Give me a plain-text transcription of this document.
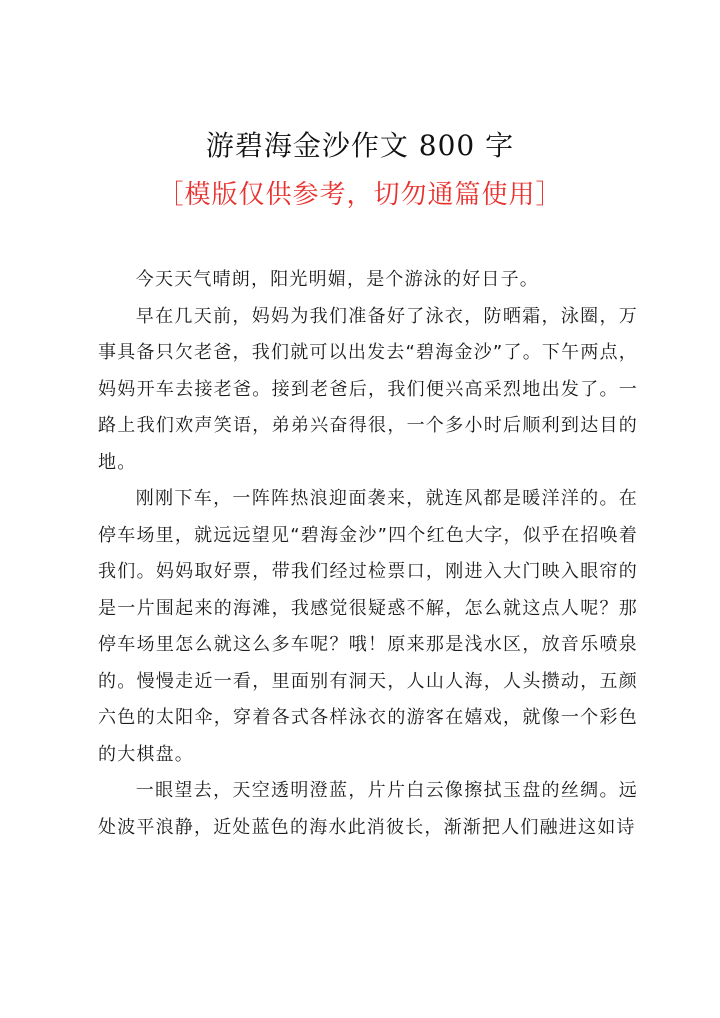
游碧海金沙作文 800 字
［模版仅供参考，切勿通篇使用］

今天天气晴朗，阳光明媚，是个游泳的好日子。

早在几天前，妈妈为我们准备好了泳衣，防晒霜，泳圈，万事具备只欠老爸，我们就可以出发去“碧海金沙”了。下午两点，妈妈开车去接老爸。接到老爸后，我们便兴高采烈地出发了。一路上我们欢声笑语，弟弟兴奋得很，一个多小时后顺利到达目的地。

刚刚下车，一阵阵热浪迎面袭来，就连风都是暖洋洋的。在停车场里，就远远望见“碧海金沙”四个红色大字，似乎在招唤着我们。妈妈取好票，带我们经过检票口，刚进入大门映入眼帘的是一片围起来的海滩，我感觉很疑惑不解，怎么就这点人呢？那停车场里怎么就这么多车呢？哦！原来那是浅水区，放音乐喷泉的。慢慢走近一看，里面别有洞天，人山人海，人头攒动，五颜六色的太阳伞，穿着各式各样泳衣的游客在嬉戏，就像一个彩色的大棋盘。

一眼望去，天空透明澄蓝，片片白云像擦拭玉盘的丝绸。远处波平浪静，近处蓝色的海水此消彼长，渐渐把人们融进这如诗
